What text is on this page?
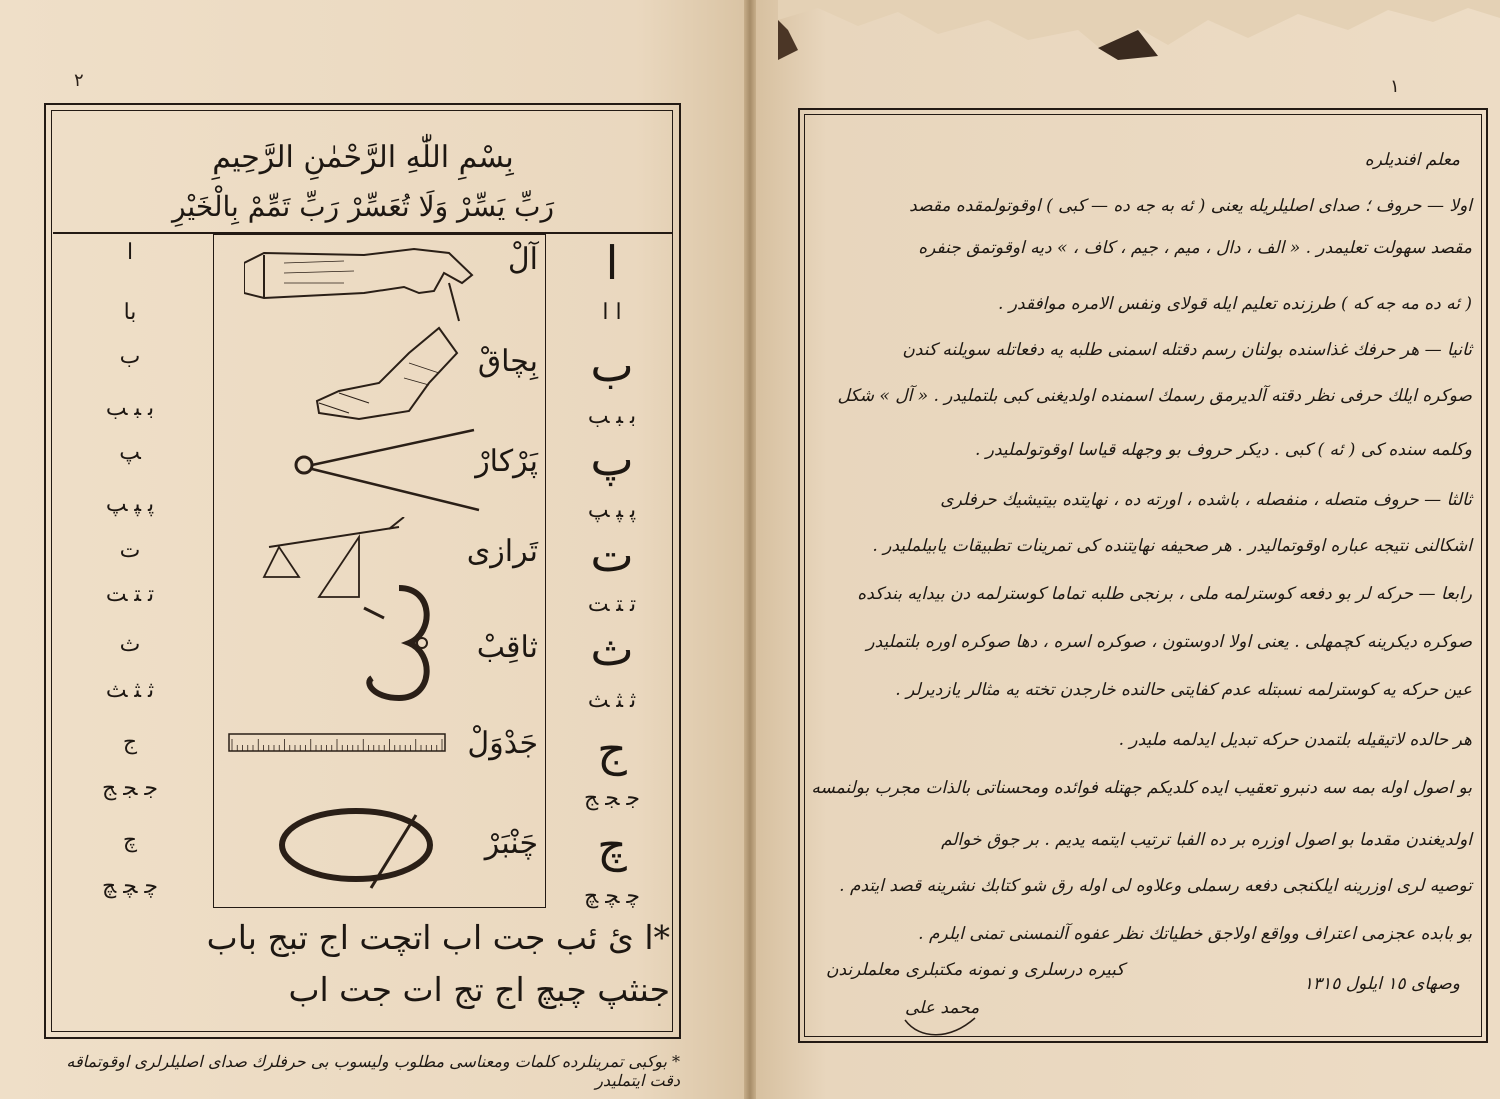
٢
بِسْمِ اللّٰهِ الرَّحْمٰنِ الرَّحِيمِ
رَبِّ يَسِّرْ وَلَا تُعَسِّرْ رَبِّ تَمِّمْ بِالْخَيْرِ
آلْ
بِچاقْ
پَرْكارْ
تَرازى
ثاقِبْ
جَدْوَلْ
چَنْبَرْ
ا
ا ا
ب
ﺑ ﺒ ﺐ
پ
ﭘ ﭙ ﭗ
ت
ﺗ ﺘ ﺖ
ث
ﺛ ﺜ ﺚ
ج
ﺟ ﺠ ﺞ
چ
ﭼ ﭽ ﭻ
ا
با
ب
ﺑ ﺒ ﺐ
ﭗ
ﭘ ﭙ ﭗ
ت
ﺗ ﺘ ﺖ
ث
ﺛ ﺜ ﺚ
ج
ﺟ ﺠ ﺞ
چ
ﭼ ﭽ ﭻ
*ا ئ ئب جت اب اتچت اج تبج باب
جنثپ چبچ اج تج ات جت اب
* بوكبى تمرينلرده كلمات ومعناسى مطلوب وليسوب بى حرفلرك صداى اصليلرلرى اوقوتماقه دقت ايتمليدر
١
معلم افنديلره
اولا — حروف ؛ صداى اصليلريله يعنى ( ئه به جه ده — كبى ) اوقوتولمقده مقصد
مقصد سهولت تعليمدر . « الف ، دال ، ميم ، جيم ، كاف ، » ديه اوقوتمق جنفره
( ئه ده مه جه كه ) طرزنده تعليم ايله قولاى ونفس الامره موافقدر .
ثانيا — هر حرفك غذاسنده بولنان رسم دقتله اسمنى طلبه يه دفعاتله سويلنه كندن
صوكره ايلك حرفى نظر دقته آلديرمق رسمك اسمنده اولديغنى كبى بلتمليدر . « آل » شكل
وكلمه سنده كى ( ئه ) كبى . ديكر حروف بو وجهله قياسا اوقوتولمليدر .
ثالثا — حروف متصله ، منفصله ، باشده ، اورته ده ، نهايتده بيتيشيك حرفلرى
اشكالنى نتيجه عباره اوقوتماليدر . هر صحيفه نهايتنده كى تمرينات تطبيقات يابيلمليدر .
رابعا — حركه لر بو دفعه كوسترلمه ملى ، برنجى طلبه تماما كوسترلمه دن بيدايه بندكده
صوكره ديكرينه كچمهلى . يعنى اولا ادوستون ، صوكره اسره ، دها صوكره اوره بلتمليدر
عين حركه يه كوسترلمه نسبتله عدم كفايتى حالنده خارجدن تخته يه مثالر يازديرلر .
هر حالده لاتيقيله بلتمدن حركه تبديل ايدلمه مليدر .
بو اصول اوله بمه سه دنبرو تعقيب ايده كلديكم جهتله فوائده ومحسناتى بالذات مجرب بولنمسه
اولديغندن مقدما بو اصول اوزره بر ده الفبا ترتيب ايتمه يديم . بر جوق خوالم
توصيه لرى اوزرينه ايلكنجى دفعه رسملى وعلاوه لى اوله رق شو كتابك نشرينه قصد ايتدم .
بو بابده عجزمى اعتراف وواقع اولاجق خطياتك نظر عفوه آلنمسنى تمنى ايلرم .
وصهاى ١٥ ايلول ١٣١٥
كبيره درسلرى و نمونه مكتبلرى معلملرندن
محمد على
